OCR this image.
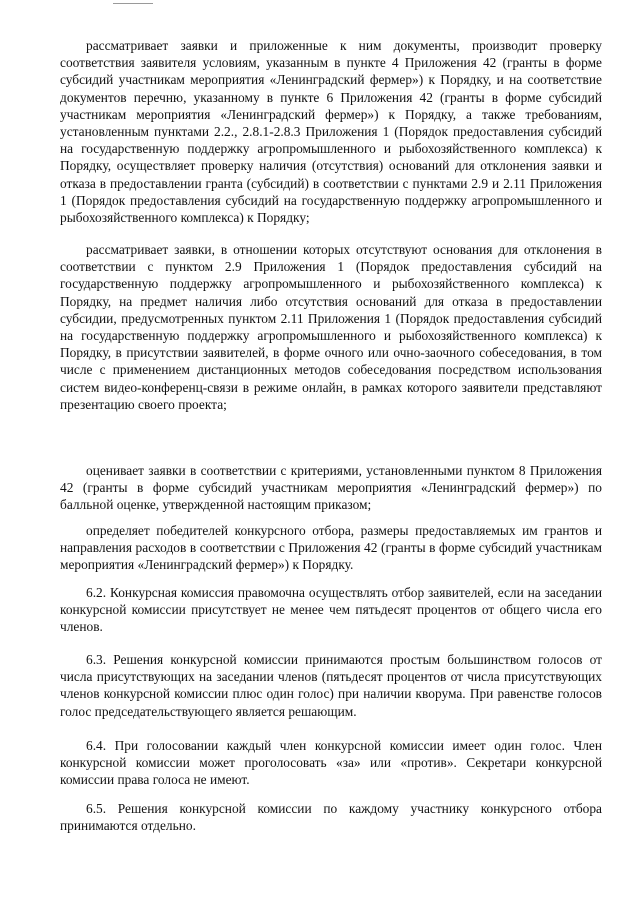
рассматривает заявки и приложенные к ним документы, производит проверку соответствия заявителя условиям, указанным в пункте 4 Приложения 42 (гранты в форме субсидий участникам мероприятия «Ленинградский фермер») к Порядку, и на соответствие документов перечню, указанному в пункте 6 Приложения 42 (гранты в форме субсидий участникам мероприятия «Ленинградский фермер») к Порядку, а также требованиям, установленным пунктами 2.2., 2.8.1-2.8.3 Приложения 1 (Порядок предоставления субсидий на государственную поддержку агропромышленного и рыбохозяйственного комплекса) к Порядку, осуществляет проверку наличия (отсутствия) оснований для отклонения заявки и отказа в предоставлении гранта (субсидий) в соответствии с пунктами 2.9 и 2.11 Приложения 1 (Порядок предоставления субсидий на государственную поддержку агропромышленного и рыбохозяйственного комплекса) к Порядку;

рассматривает заявки, в отношении которых отсутствуют основания для отклонения в соответствии с пунктом 2.9 Приложения 1 (Порядок предоставления субсидий на государственную поддержку агропромышленного и рыбохозяйственного комплекса) к Порядку, на предмет наличия либо отсутствия оснований для отказа в предоставлении субсидии, предусмотренных пунктом 2.11 Приложения 1 (Порядок предоставления субсидий на государственную поддержку агропромышленного и рыбохозяйственного комплекса) к Порядку, в присутствии заявителей, в форме очного или очно-заочного собеседования, в том числе с применением дистанционных методов собеседования посредством использования систем видео-конференц-связи в режиме онлайн, в рамках которого заявители представляют презентацию своего проекта;

оценивает заявки в соответствии с критериями, установленными пунктом 8 Приложения 42 (гранты в форме субсидий участникам мероприятия «Ленинградский фермер») по балльной оценке, утвержденной настоящим приказом;

определяет победителей конкурсного отбора, размеры предоставляемых им грантов и направления расходов в соответствии с Приложения 42 (гранты в форме субсидий участникам мероприятия «Ленинградский фермер») к Порядку.

6.2. Конкурсная комиссия правомочна осуществлять отбор заявителей, если на заседании конкурсной комиссии присутствует не менее чем пятьдесят процентов от общего числа его членов.

6.3. Решения конкурсной комиссии принимаются простым большинством голосов от числа присутствующих на заседании членов (пятьдесят процентов от числа присутствующих членов конкурсной комиссии плюс один голос) при наличии кворума. При равенстве голосов голос председательствующего является решающим.

6.4. При голосовании каждый член конкурсной комиссии имеет один голос. Член конкурсной комиссии может проголосовать «за» или «против». Секретари конкурсной комиссии права голоса не имеют.

6.5. Решения конкурсной комиссии по каждому участнику конкурсного отбора принимаются отдельно.
